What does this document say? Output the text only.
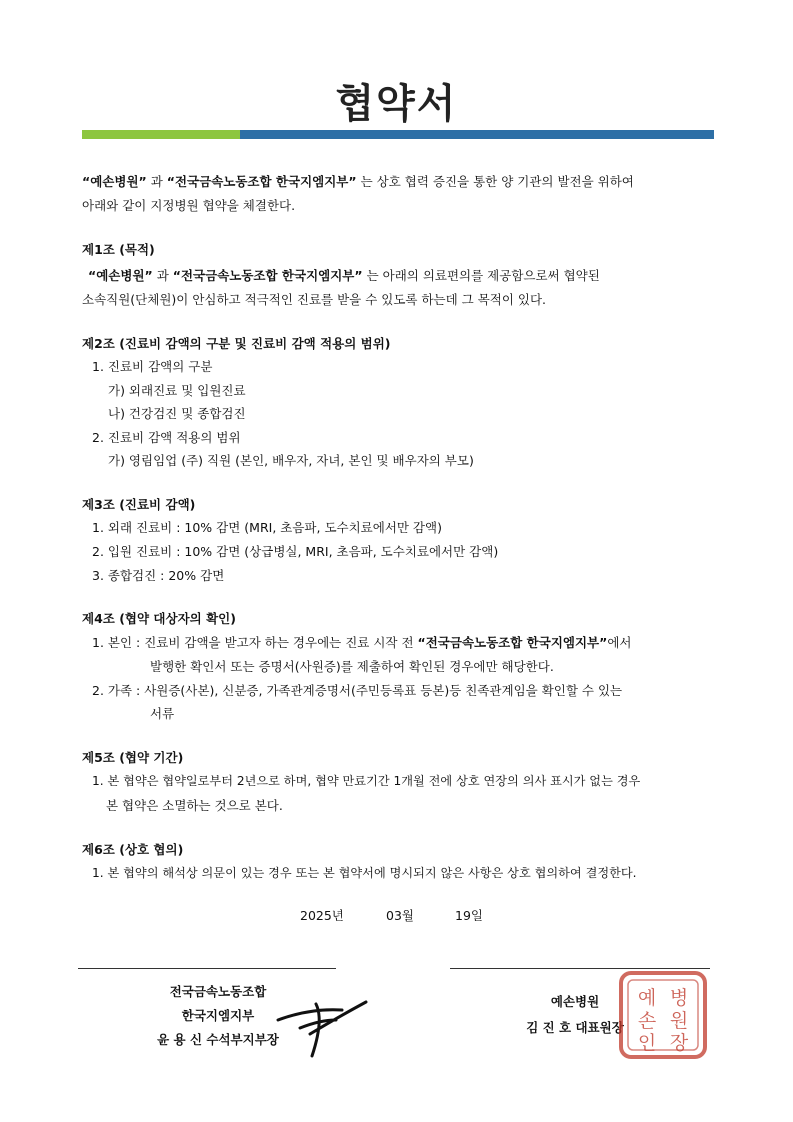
협약서
“예손병원” 과 “전국금속노동조합 한국지엠지부” 는 상호 협력 증진을 통한 양 기관의 발전을 위하여
아래와 같이 지정병원 협약을 체결한다.
제1조 (목적)
“예손병원” 과 “전국금속노동조합 한국지엠지부” 는 아래의 의료편의를 제공함으로써 협약된
소속직원(단체원)이 안심하고 적극적인 진료를 받을 수 있도록 하는데 그 목적이 있다.
제2조 (진료비 감액의 구분 및 진료비 감액 적용의 범위)
1. 진료비 감액의 구분
가) 외래진료 및 입원진료
나) 건강검진 및 종합검진
2. 진료비 감액 적용의 범위
가) 영림임업 (주) 직원 (본인, 배우자, 자녀, 본인 및 배우자의 부모)
제3조 (진료비 감액)
1. 외래 진료비 : 10% 감면 (MRI, 초음파, 도수치료에서만 감액)
2. 입원 진료비 : 10% 감면 (상급병실, MRI, 초음파, 도수치료에서만 감액)
3. 종합검진 : 20% 감면
제4조 (협약 대상자의 확인)
1. 본인 : 진료비 감액을 받고자 하는 경우에는 진료 시작 전 “전국금속노동조합 한국지엠지부”에서
발행한 확인서 또는 증명서(사원증)를 제출하여 확인된 경우에만 해당한다.
2. 가족 : 사원증(사본), 신분증, 가족관계증명서(주민등록표 등본)등 친족관계임을 확인할 수 있는
서류
제5조 (협약 기간)
1. 본 협약은 협약일로부터 2년으로 하며, 협약 만료기간 1개월 전에 상호 연장의 의사 표시가 없는 경우
본 협약은 소멸하는 것으로 본다.
제6조 (상호 협의)
1. 본 협약의 해석상 의문이 있는 경우 또는 본 협약서에 명시되지 않은 사항은 상호 협의하여 결정한다.
2025년	03월	19일
전국금속노동조합
한국지엠지부
윤 용 신 수석부지부장
예손병원
김 진 호 대표원장
예 병
손 원
인 장
